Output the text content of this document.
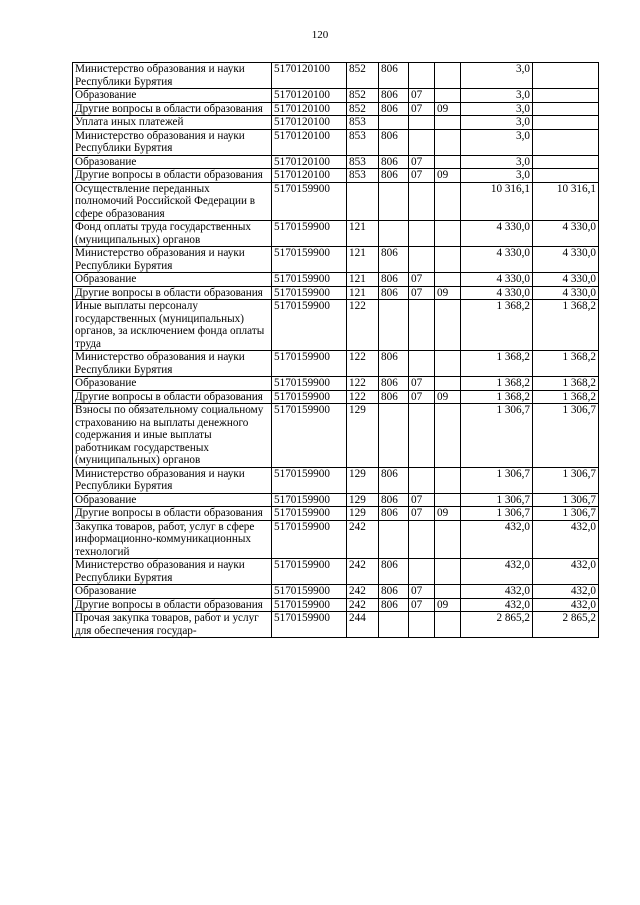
120
Министерство образования и науки Республики Бурятия	5170120100	852	806			3,0	
Образование	5170120100	852	806	07		3,0	
Другие вопросы в области образования	5170120100	852	806	07	09	3,0	
Уплата иных платежей	5170120100	853				3,0	
Министерство образования и науки Республики Бурятия	5170120100	853	806			3,0	
Образование	5170120100	853	806	07		3,0	
Другие вопросы в области образования	5170120100	853	806	07	09	3,0	
Осуществление переданных полномочий Российской Федерации в сфере образования	5170159900					10 316,1	10 316,1
Фонд оплаты труда государственных (муниципальных) органов	5170159900	121				4 330,0	4 330,0
Министерство образования и науки Республики Бурятия	5170159900	121	806			4 330,0	4 330,0
Образование	5170159900	121	806	07		4 330,0	4 330,0
Другие вопросы в области образования	5170159900	121	806	07	09	4 330,0	4 330,0
Иные выплаты персоналу государственных (муниципальных) органов, за исключением фонда оплаты труда	5170159900	122				1 368,2	1 368,2
Министерство образования и науки Республики Бурятия	5170159900	122	806			1 368,2	1 368,2
Образование	5170159900	122	806	07		1 368,2	1 368,2
Другие вопросы в области образования	5170159900	122	806	07	09	1 368,2	1 368,2
Взносы по обязательному социальному страхованию на выплаты денежного содержания и иные выплаты работникам государственых (муниципальных) органов	5170159900	129				1 306,7	1 306,7
Министерство образования и науки Республики Бурятия	5170159900	129	806			1 306,7	1 306,7
Образование	5170159900	129	806	07		1 306,7	1 306,7
Другие вопросы в области образования	5170159900	129	806	07	09	1 306,7	1 306,7
Закупка товаров, работ, услуг в сфере информационно-коммуникационных технологий	5170159900	242				432,0	432,0
Министерство образования и науки Республики Бурятия	5170159900	242	806			432,0	432,0
Образование	5170159900	242	806	07		432,0	432,0
Другие вопросы в области образования	5170159900	242	806	07	09	432,0	432,0
Прочая закупка товаров, работ и услуг для обеспечения государ-	5170159900	244				2 865,2	2 865,2
